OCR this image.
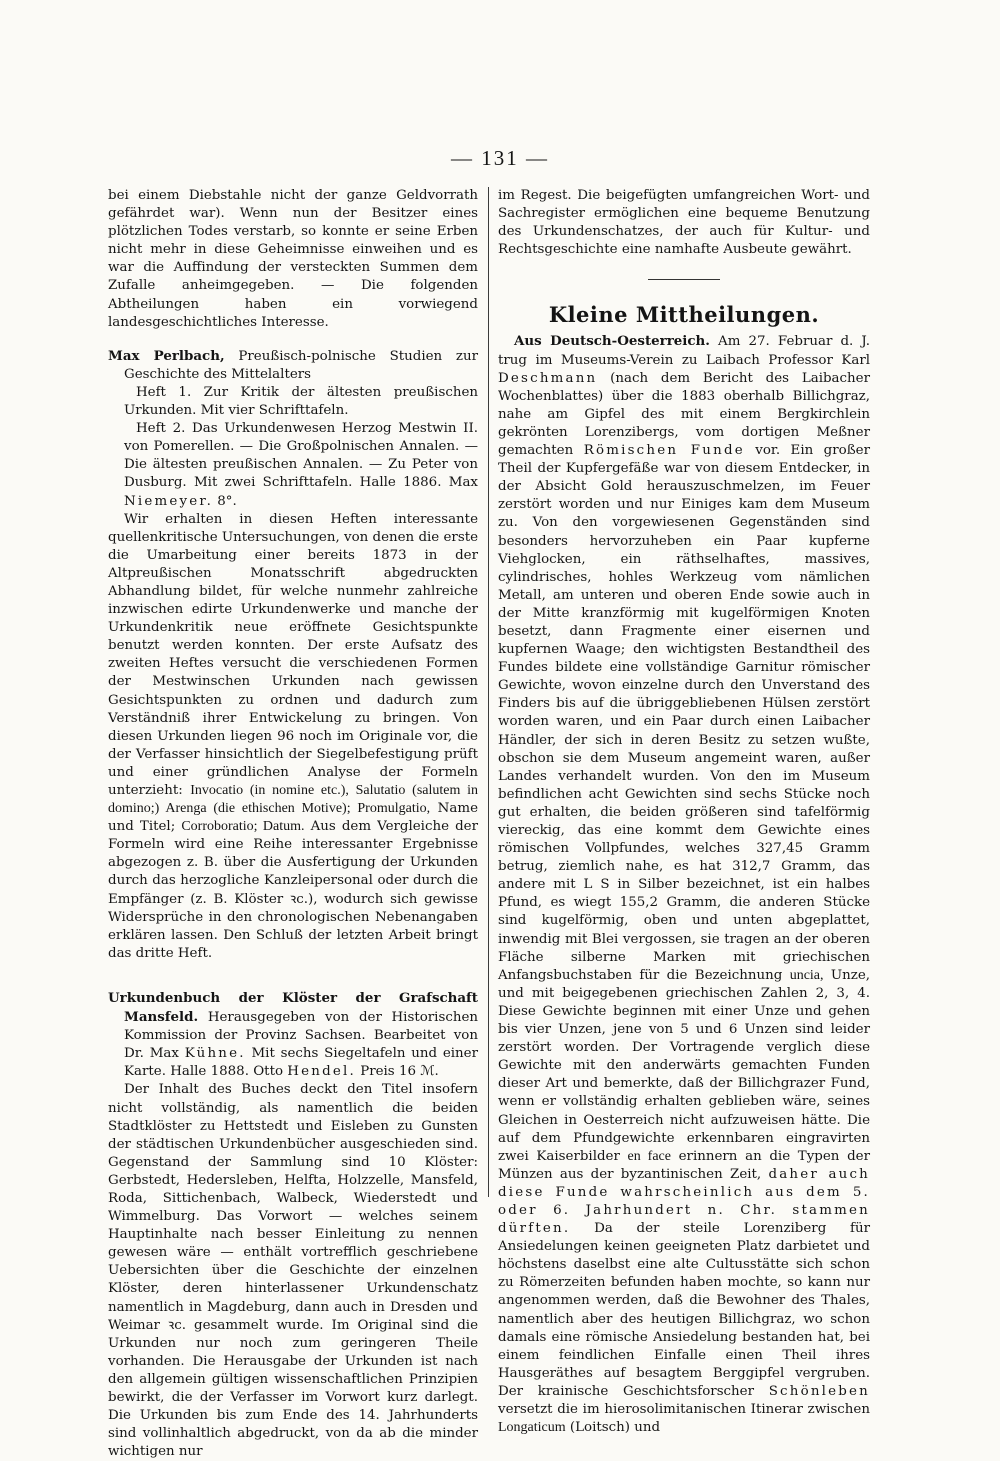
— 131 —

bei einem Diebstahle nicht der ganze Geldvorrath gefährdet war). Wenn nun der Besitzer eines plötzlichen Todes verstarb, so konnte er seine Erben nicht mehr in diese Geheimnisse einweihen und es war die Auffindung der versteckten Summen dem Zufalle anheimgegeben. — Die folgenden Abtheilungen haben ein vorwiegend landesgeschichtliches Interesse.

Max Perlbach, Preußisch-polnische Studien zur Geschichte des Mittelalters

Heft 1. Zur Kritik der ältesten preußischen Urkunden. Mit vier Schrifttafeln.

Heft 2. Das Urkundenwesen Herzog Mestwin II. von Pomerellen. — Die Großpolnischen Annalen. — Die ältesten preußischen Annalen. — Zu Peter von Dusburg. Mit zwei Schrifttafeln. Halle 1886. Max Niemeyer. 8°.

Wir erhalten in diesen Heften interessante quellenkritische Untersuchungen, von denen die erste die Umarbeitung einer bereits 1873 in der Altpreußischen Monatsschrift abgedruckten Abhandlung bildet, für welche nunmehr zahlreiche inzwischen edirte Urkundenwerke und manche der Urkundenkritik neue eröffnete Gesichtspunkte benutzt werden konnten. Der erste Aufsatz des zweiten Heftes versucht die verschiedenen Formen der Mestwinschen Urkunden nach gewissen Gesichtspunkten zu ordnen und dadurch zum Verständniß ihrer Entwickelung zu bringen. Von diesen Urkunden liegen 96 noch im Originale vor, die der Verfasser hinsichtlich der Siegelbefestigung prüft und einer gründlichen Analyse der Formeln unterzieht: Invocatio (in nomine etc.), Salutatio (salutem in domino;) Arenga (die ethischen Motive); Promulgatio, Name und Titel; Corroboratio; Datum. Aus dem Vergleiche der Formeln wird eine Reihe interessanter Ergebnisse abgezogen z. B. über die Ausfertigung der Urkunden durch das herzogliche Kanzleipersonal oder durch die Empfänger (z. B. Klöster ꝛc.), wodurch sich gewisse Widersprüche in den chronologischen Nebenangaben erklären lassen. Den Schluß der letzten Arbeit bringt das dritte Heft.

Urkundenbuch der Klöster der Grafschaft Mansfeld. Herausgegeben von der Historischen Kommission der Provinz Sachsen. Bearbeitet von Dr. Max Kühne. Mit sechs Siegeltafeln und einer Karte. Halle 1888. Otto Hendel. Preis 16 ℳ.

Der Inhalt des Buches deckt den Titel insofern nicht vollständig, als namentlich die beiden Stadtklöster zu Hettstedt und Eisleben zu Gunsten der städtischen Urkundenbücher ausgeschieden sind. Gegenstand der Sammlung sind 10 Klöster: Gerbstedt, Hedersleben, Helfta, Holzzelle, Mansfeld, Roda, Sittichenbach, Walbeck, Wiederstedt und Wimmelburg. Das Vorwort — welches seinem Hauptinhalte nach besser Einleitung zu nennen gewesen wäre — enthält vortrefflich geschriebene Uebersichten über die Geschichte der einzelnen Klöster, deren hinterlassener Urkundenschatz namentlich in Magdeburg, dann auch in Dresden und Weimar ꝛc. gesammelt wurde. Im Original sind die Urkunden nur noch zum geringeren Theile vorhanden. Die Herausgabe der Urkunden ist nach den allgemein gültigen wissenschaftlichen Prinzipien bewirkt, die der Verfasser im Vorwort kurz darlegt. Die Urkunden bis zum Ende des 14. Jahrhunderts sind vollinhaltlich abgedruckt, von da ab die minder wichtigen nur

im Regest. Die beigefügten umfangreichen Wort- und Sachregister ermöglichen eine bequeme Benutzung des Urkundenschatzes, der auch für Kultur- und Rechtsgeschichte eine namhafte Ausbeute gewährt.

Kleine Mittheilungen.

Aus Deutsch-Oesterreich. Am 27. Februar d. J. trug im Museums-Verein zu Laibach Professor Karl Deschmann (nach dem Bericht des Laibacher Wochenblattes) über die 1883 oberhalb Billichgraz, nahe am Gipfel des mit einem Bergkirchlein gekrönten Lorenzibergs, vom dortigen Meßner gemachten Römischen Funde vor. Ein großer Theil der Kupfergefäße war von diesem Entdecker, in der Absicht Gold herauszuschmelzen, im Feuer zerstört worden und nur Einiges kam dem Museum zu. Von den vorgewiesenen Gegenständen sind besonders hervorzuheben ein Paar kupferne Viehglocken, ein räthselhaftes, massives, cylindrisches, hohles Werkzeug vom nämlichen Metall, am unteren und oberen Ende sowie auch in der Mitte kranzförmig mit kugelförmigen Knoten besetzt, dann Fragmente einer eisernen und kupfernen Waage; den wichtigsten Bestandtheil des Fundes bildete eine vollständige Garnitur römischer Gewichte, wovon einzelne durch den Unverstand des Finders bis auf die übriggebliebenen Hülsen zerstört worden waren, und ein Paar durch einen Laibacher Händler, der sich in deren Besitz zu setzen wußte, obschon sie dem Museum angemeint waren, außer Landes verhandelt wurden. Von den im Museum befindlichen acht Gewichten sind sechs Stücke noch gut erhalten, die beiden größeren sind tafelförmig viereckig, das eine kommt dem Gewichte eines römischen Vollpfundes, welches 327,45 Gramm betrug, ziemlich nahe, es hat 312,7 Gramm, das andere mit L S in Silber bezeichnet, ist ein halbes Pfund, es wiegt 155,2 Gramm, die anderen Stücke sind kugelförmig, oben und unten abgeplattet, inwendig mit Blei vergossen, sie tragen an der oberen Fläche silberne Marken mit griechischen Anfangsbuchstaben für die Bezeichnung uncia, Unze, und mit beigegebenen griechischen Zahlen 2, 3, 4. Diese Gewichte beginnen mit einer Unze und gehen bis vier Unzen, jene von 5 und 6 Unzen sind leider zerstört worden. Der Vortragende verglich diese Gewichte mit den anderwärts gemachten Funden dieser Art und bemerkte, daß der Billichgrazer Fund, wenn er vollständig erhalten geblieben wäre, seines Gleichen in Oesterreich nicht aufzuweisen hätte. Die auf dem Pfundgewichte erkennbaren eingravirten zwei Kaiserbilder en face erinnern an die Typen der Münzen aus der byzantinischen Zeit, daher auch diese Funde wahrscheinlich aus dem 5. oder 6. Jahrhundert n. Chr. stammen dürften. Da der steile Lorenziberg für Ansiedelungen keinen geeigneten Platz darbietet und höchstens daselbst eine alte Cultusstätte sich schon zu Römerzeiten befunden haben mochte, so kann nur angenommen werden, daß die Bewohner des Thales, namentlich aber des heutigen Billichgraz, wo schon damals eine römische Ansiedelung bestanden hat, bei einem feindlichen Einfalle einen Theil ihres Hausgeräthes auf besagtem Berggipfel vergruben. Der krainische Geschichtsforscher Schönleben versetzt die im hierosolimitanischen Itinerar zwischen Longaticum (Loitsch) und
